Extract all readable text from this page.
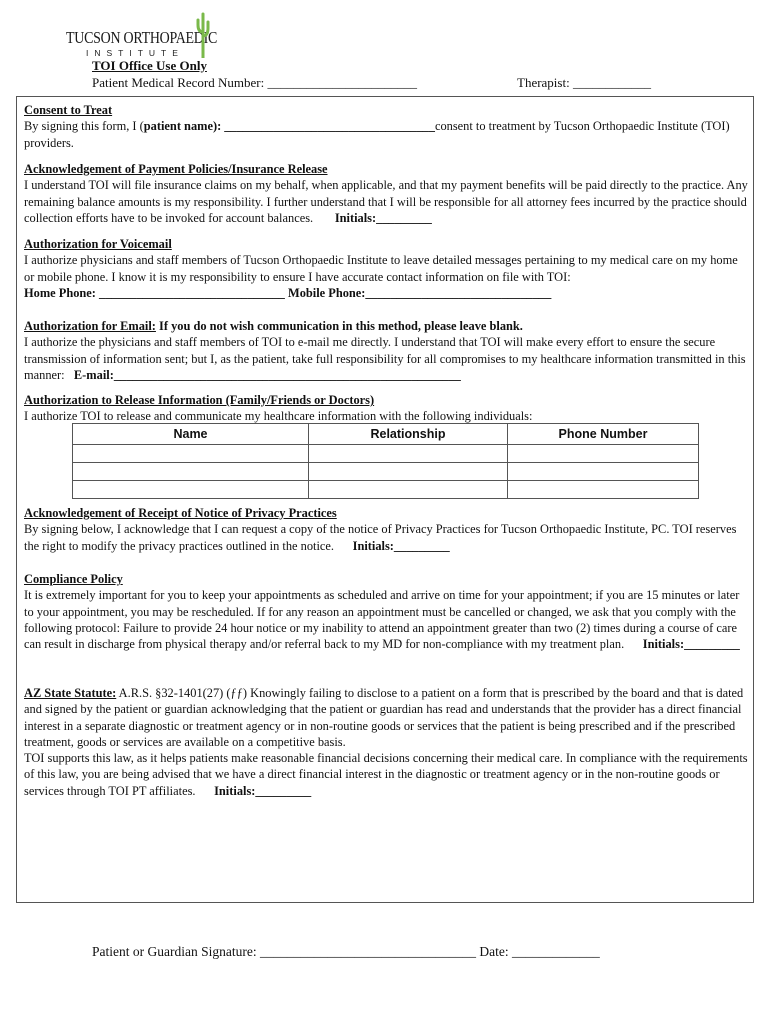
TUCSON ORTHOPAEDIC
INSTITUTE
TOI Office Use Only
Patient Medical Record Number: _______________________	Therapist: ____________

Consent to Treat

By signing this form, I (patient name): __________________________________consent to treatment by Tucson Orthopaedic Institute (TOI) providers.

Acknowledgement of Payment Policies/Insurance Release

I understand TOI will file insurance claims on my behalf, when applicable, and that my payment benefits will be paid directly to the practice. Any remaining balance amounts is my responsibility. I further understand that I will be responsible for all attorney fees incurred by the practice should collection efforts have to be invoked for account balances. Initials:_________

Authorization for Voicemail

I authorize physicians and staff members of Tucson Orthopaedic Institute to leave detailed messages pertaining to my medical care on my home or mobile phone. I know it is my responsibility to ensure I have accurate contact information on file with TOI:

Home Phone: ______________________________ Mobile Phone:______________________________

Authorization for Email: If you do not wish communication in this method, please leave blank.

I authorize the physicians and staff members of TOI to e-mail me directly. I understand that TOI will make every effort to ensure the secure transmission of information sent; but I, as the patient, take full responsibility for all compromises to my healthcare information transmitted in this manner: E-mail:________________________________________________________

Authorization to Release Information (Family/Friends or Doctors)

I authorize TOI to release and communicate my healthcare information with the following individuals:

Name	Relationship	Phone Number

Acknowledgement of Receipt of Notice of Privacy Practices

By signing below, I acknowledge that I can request a copy of the notice of Privacy Practices for Tucson Orthopaedic Institute, PC. TOI reserves the right to modify the privacy practices outlined in the notice. Initials:_________

Compliance Policy

It is extremely important for you to keep your appointments as scheduled and arrive on time for your appointment; if you are 15 minutes or later to your appointment, you may be rescheduled. If for any reason an appointment must be cancelled or changed, we ask that you comply with the following protocol: Failure to provide 24 hour notice or my inability to attend an appointment greater than two (2) times during a course of care can result in discharge from physical therapy and/or referral back to my MD for non-compliance with my treatment plan. Initials:_________

AZ State Statute: A.R.S. §32-1401(27) (ƒƒ) Knowingly failing to disclose to a patient on a form that is prescribed by the board and that is dated and signed by the patient or guardian acknowledging that the patient or guardian has read and understands that the provider has a direct financial interest in a separate diagnostic or treatment agency or in non-routine goods or services that the patient is being prescribed and if the prescribed treatment, goods or services are available on a competitive basis.

TOI supports this law, as it helps patients make reasonable financial decisions concerning their medical care. In compliance with the requirements of this law, you are being advised that we have a direct financial interest in the diagnostic or treatment agency or in the non-routine goods or services through TOI PT affiliates. Initials:_________

Patient or Guardian Signature: ________________________________ Date: _____________
